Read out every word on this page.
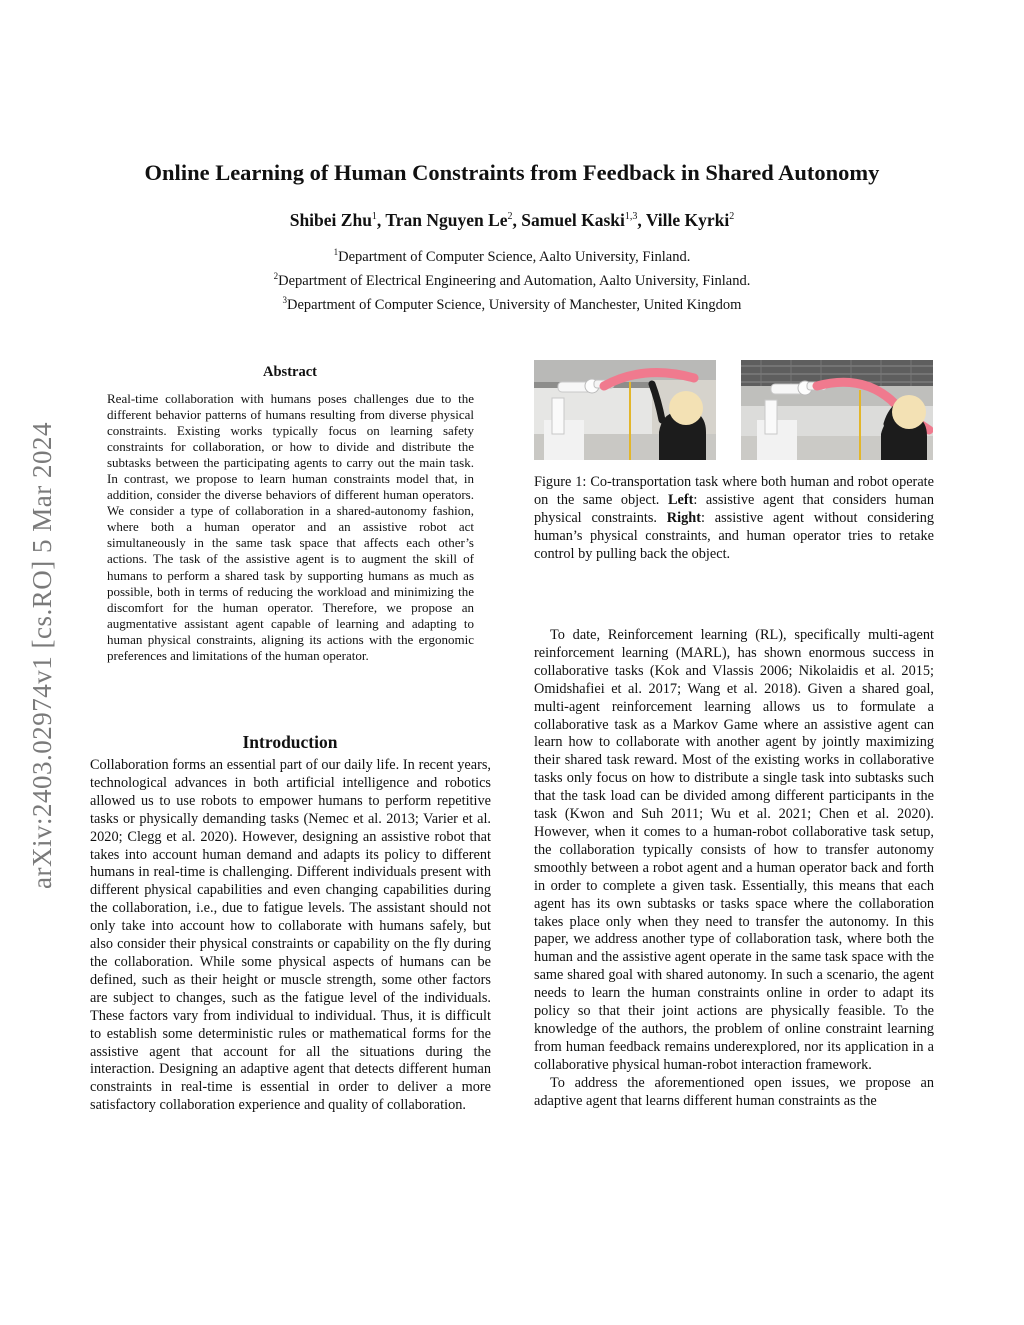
arXiv:2403.02974v1 [cs.RO] 5 Mar 2024
Online Learning of Human Constraints from Feedback in Shared Autonomy
Shibei Zhu$^1$, Tran Nguyen Le$^2$, Samuel Kaski$^{1,3}$, Ville Kyrki$^2$
$^1$Department of Computer Science, Aalto University, Finland.
$^2$Department of Electrical Engineering and Automation, Aalto University, Finland.
$^3$Department of Computer Science, University of Manchester, United Kingdom
Abstract

Real-time collaboration with humans poses challenges due to the different behavior patterns of humans resulting from diverse physical constraints. Existing works typically focus on learning safety constraints for collaboration, or how to divide and distribute the subtasks between the participating agents to carry out the main task. In contrast, we propose to learn human constraints model that, in addition, consider the diverse behaviors of different human operators. We consider a type of collaboration in a shared-autonomy fashion, where both a human operator and an assistive robot act simultaneously in the same task space that affects each other’s actions. The task of the assistive agent is to augment the skill of humans to perform a shared task by supporting humans as much as possible, both in terms of reducing the workload and minimizing the discomfort for the human operator. Therefore, we propose an augmentative assistant agent capable of learning and adapting to human physical constraints, aligning its actions with the ergonomic preferences and limitations of the human operator.

Introduction

Collaboration forms an essential part of our daily life. In recent years, technological advances in both artificial intelligence and robotics allowed us to use robots to empower humans to perform repetitive tasks or physically demanding tasks (Nemec et al. 2013; Varier et al. 2020; Clegg et al. 2020). However, designing an assistive robot that takes into account human demand and adapts its policy to different humans in real-time is challenging. Different individuals present with different physical capabilities and even changing capabilities during the collaboration, i.e., due to fatigue levels. The assistant should not only take into account how to collaborate with humans safely, but also consider their physical constraints or capability on the fly during the collaboration. While some physical aspects of humans can be defined, such as their height or muscle strength, some other factors are subject to changes, such as the fatigue level of the individuals. These factors vary from individual to individual. Thus, it is difficult to establish some deterministic rules or mathematical forms for the assistive agent that account for all the situations during the interaction. Designing an adaptive agent that detects different human constraints in real-time is essential in order to deliver a more satisfactory collaboration experience and quality of collaboration.

Figure 1: Co-transportation task where both human and robot operate on the same object. Left: assistive agent that considers human physical constraints. Right: assistive agent without considering human’s physical constraints, and human operator tries to retake control by pulling back the object.

To date, Reinforcement learning (RL), specifically multi-agent reinforcement learning (MARL), has shown enormous success in collaborative tasks (Kok and Vlassis 2006; Nikolaidis et al. 2015; Omidshafiei et al. 2017; Wang et al. 2018). Given a shared goal, multi-agent reinforcement learning allows us to formulate a collaborative task as a Markov Game where an assistive agent can learn how to collaborate with another agent by jointly maximizing their shared task reward. Most of the existing works in collaborative tasks only focus on how to distribute a single task into subtasks such that the task load can be divided among different participants in the task (Kwon and Suh 2011; Wu et al. 2021; Chen et al. 2020). However, when it comes to a human-robot collaborative task setup, the collaboration typically consists of how to transfer autonomy smoothly between a robot agent and a human operator back and forth in order to complete a given task. Essentially, this means that each agent has its own subtasks or tasks space where the collaboration takes place only when they need to transfer the autonomy. In this paper, we address another type of collaboration task, where both the human and the assistive agent operate in the same task space with the same shared goal with shared autonomy. In such a scenario, the agent needs to learn the human constraints online in order to adapt its policy so that their joint actions are physically feasible. To the knowledge of the authors, the problem of online constraint learning from human feedback remains underexplored, nor its application in a collaborative physical human-robot interaction framework.

To address the aforementioned open issues, we propose an adaptive agent that learns different human constraints as the
